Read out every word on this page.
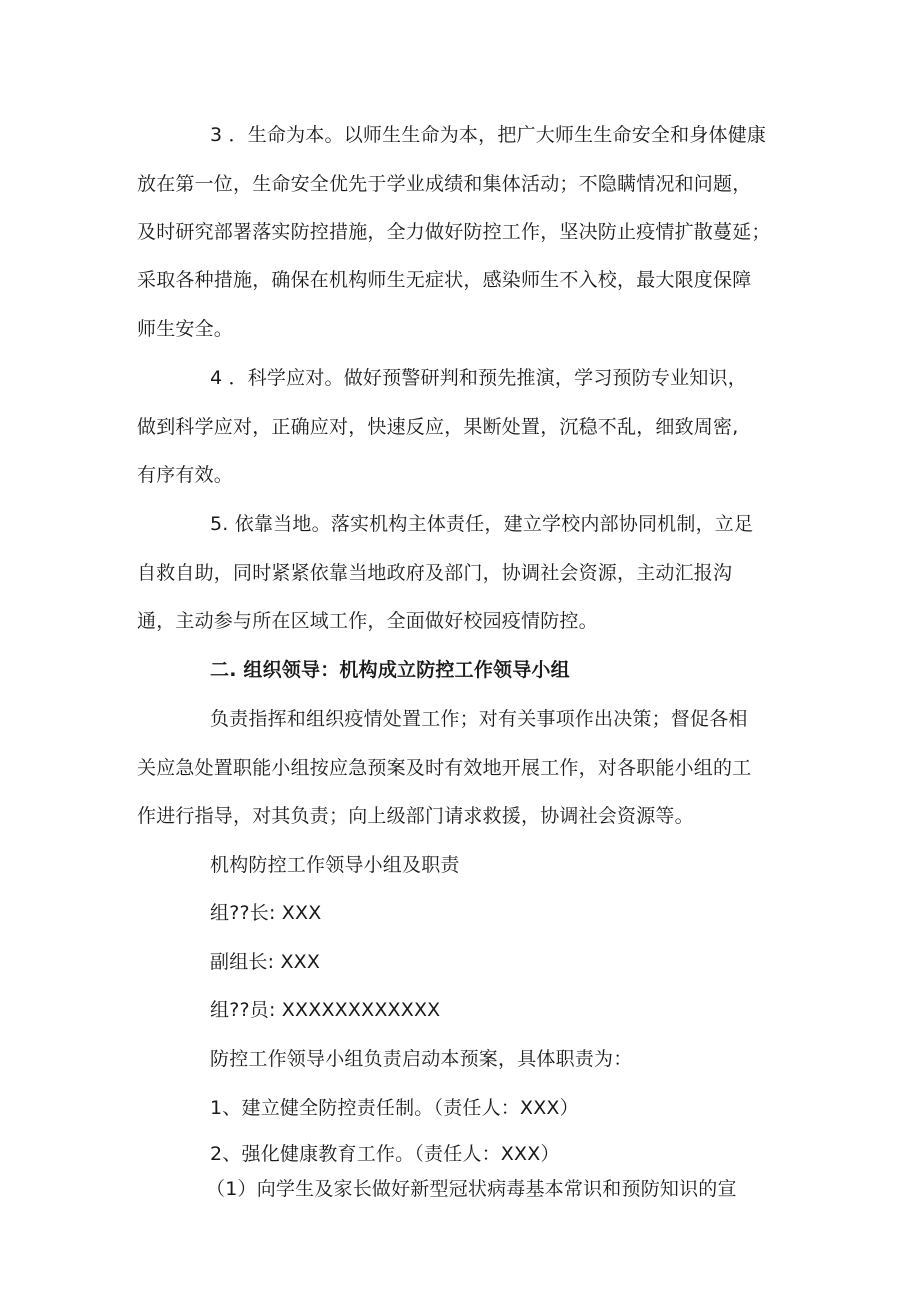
3 ．生命为本。以师生生命为本，把广大师生生命安全和身体健康
放在第一位，生命安全优先于学业成绩和集体活动；不隐瞒情况和问题，
及时研究部署落实防控措施，全力做好防控工作，坚决防止疫情扩散蔓延；
采取各种措施，确保在机构师生无症状，感染师生不入校，最大限度保障
师生安全。
4 ．科学应对。做好预警研判和预先推演，学习预防专业知识，
做到科学应对，正确应对，快速反应，果断处置，沉稳不乱，细致周密,
有序有效。
5. 依靠当地。落实机构主体责任，建立学校内部协同机制，立足
自救自助，同时紧紧依靠当地政府及部门，协调社会资源，主动汇报沟
通，主动参与所在区域工作，全面做好校园疫情防控。
二. 组织领导：机构成立防控工作领导小组
负责指挥和组织疫情处置工作；对有关事项作出决策；督促各相
关应急处置职能小组按应急预案及时有效地开展工作，对各职能小组的工
作进行指导，对其负责；向上级部门请求救援，协调社会资源等。
机构防控工作领导小组及职责
组??长: XXX
副组长: XXX
组??员: XXXXXXXXXXXX
防控工作领导小组负责启动本预案，具体职责为：
1、建立健全防控责任制。（责任人：XXX）
2、强化健康教育工作。（责任人：XXX）
（1）向学生及家长做好新型冠状病毒基本常识和预防知识的宣
